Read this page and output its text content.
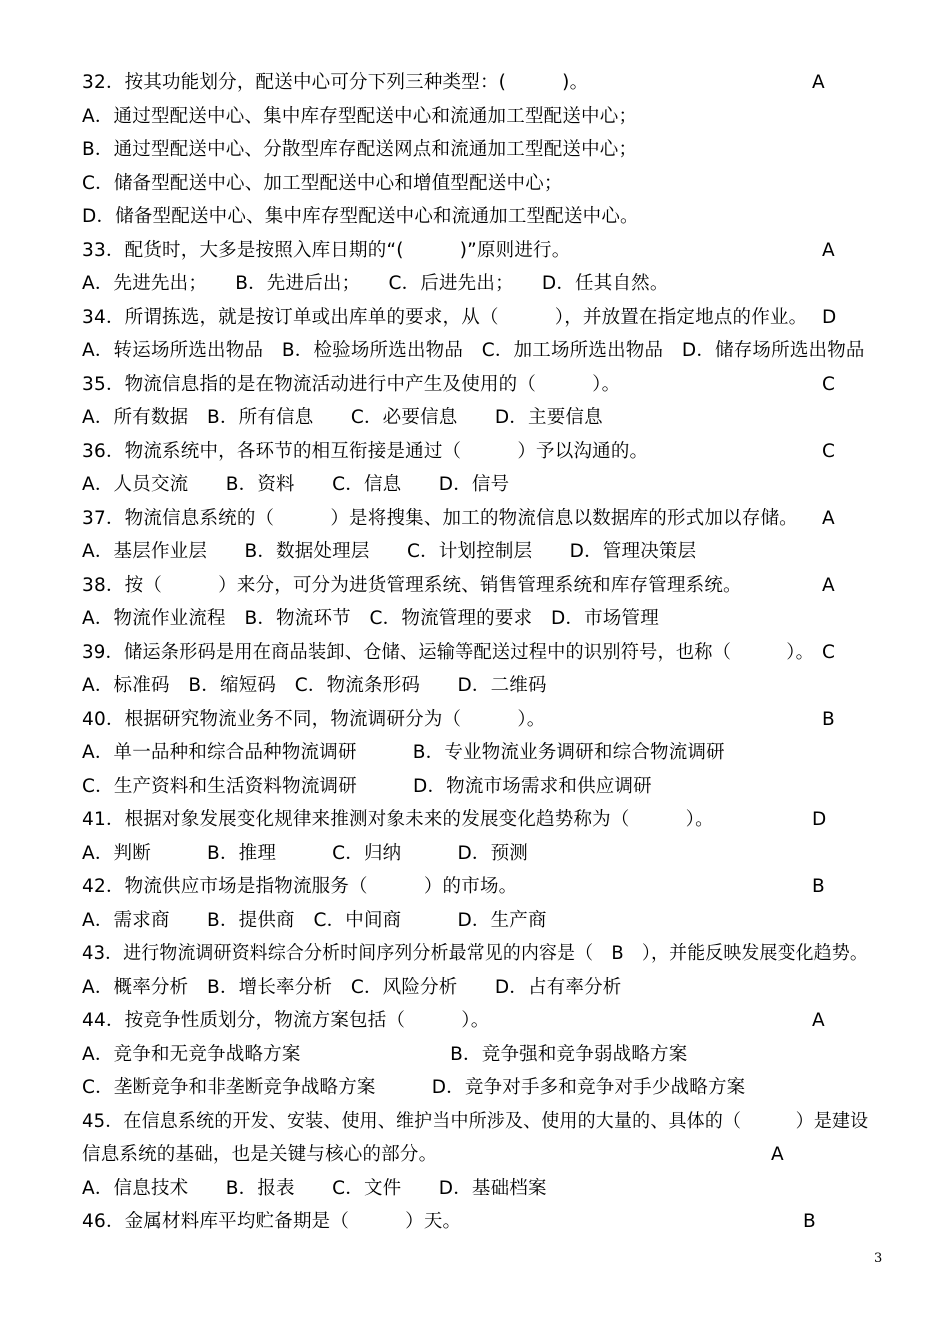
32．按其功能划分，配送中心可分下列三种类型：(　　　)。	A
A．通过型配送中心、集中库存型配送中心和流通加工型配送中心；
B．通过型配送中心、分散型库存配送网点和流通加工型配送中心；
C．储备型配送中心、加工型配送中心和增值型配送中心；
D．储备型配送中心、集中库存型配送中心和流通加工型配送中心。
33．配货时，大多是按照入库日期的“(　　　)”原则进行。	A
A．先进先出；　　B．先进后出；　　C．后进先出；　　D．任其自然。
34．所谓拣选，就是按订单或出库单的要求，从（　　　），并放置在指定地点的作业。 D
A．转运场所选出物品　B．检验场所选出物品　C．加工场所选出物品　D．储存场所选出物品
35．物流信息指的是在物流活动进行中产生及使用的（　　　）。	C
A．所有数据　B．所有信息　　C．必要信息　　D．主要信息
36．物流系统中，各环节的相互衔接是通过（　　　）予以沟通的。	C
A．人员交流　　B．资料　　C．信息　　D．信号
37．物流信息系统的（　　　）是将搜集、加工的物流信息以数据库的形式加以存储。 A
A．基层作业层　　B．数据处理层　　C．计划控制层　　D．管理决策层
38．按（　　　）来分，可分为进货管理系统、销售管理系统和库存管理系统。	A
A．物流作业流程　B．物流环节　C．物流管理的要求　D．市场管理
39．储运条形码是用在商品装卸、仓储、运输等配送过程中的识别符号，也称（　　　）。 C
A．标准码　B．缩短码　C．物流条形码　　D．二维码
40．根据研究物流业务不同，物流调研分为（　　　）。	B
A．单一品种和综合品种物流调研　　　B．专业物流业务调研和综合物流调研
C．生产资料和生活资料物流调研　　　D．物流市场需求和供应调研
41．根据对象发展变化规律来推测对象未来的发展变化趋势称为（　　　）。	D
A．判断　　　B．推理　　　C．归纳　　　D．预测
42．物流供应市场是指物流服务（　　　）的市场。	B
A．需求商　　B．提供商　C．中间商　　　D．生产商
43．进行物流调研资料综合分析时间序列分析最常见的内容是（　B　），并能反映发展变化趋势。
A．概率分析　B．增长率分析　C．风险分析　　D．占有率分析
44．按竞争性质划分，物流方案包括（　　　）。	A
A．竞争和无竞争战略方案　　　　　　　　B．竞争强和竞争弱战略方案
C．垄断竞争和非垄断竞争战略方案　　　D．竞争对手多和竞争对手少战略方案
45．在信息系统的开发、安装、使用、维护当中所涉及、使用的大量的、具体的（　　　）是建设
信息系统的基础，也是关键与核心的部分。	A
A．信息技术　　B．报表　　C．文件　　D．基础档案
46．金属材料库平均贮备期是（　　　）天。	B
3
